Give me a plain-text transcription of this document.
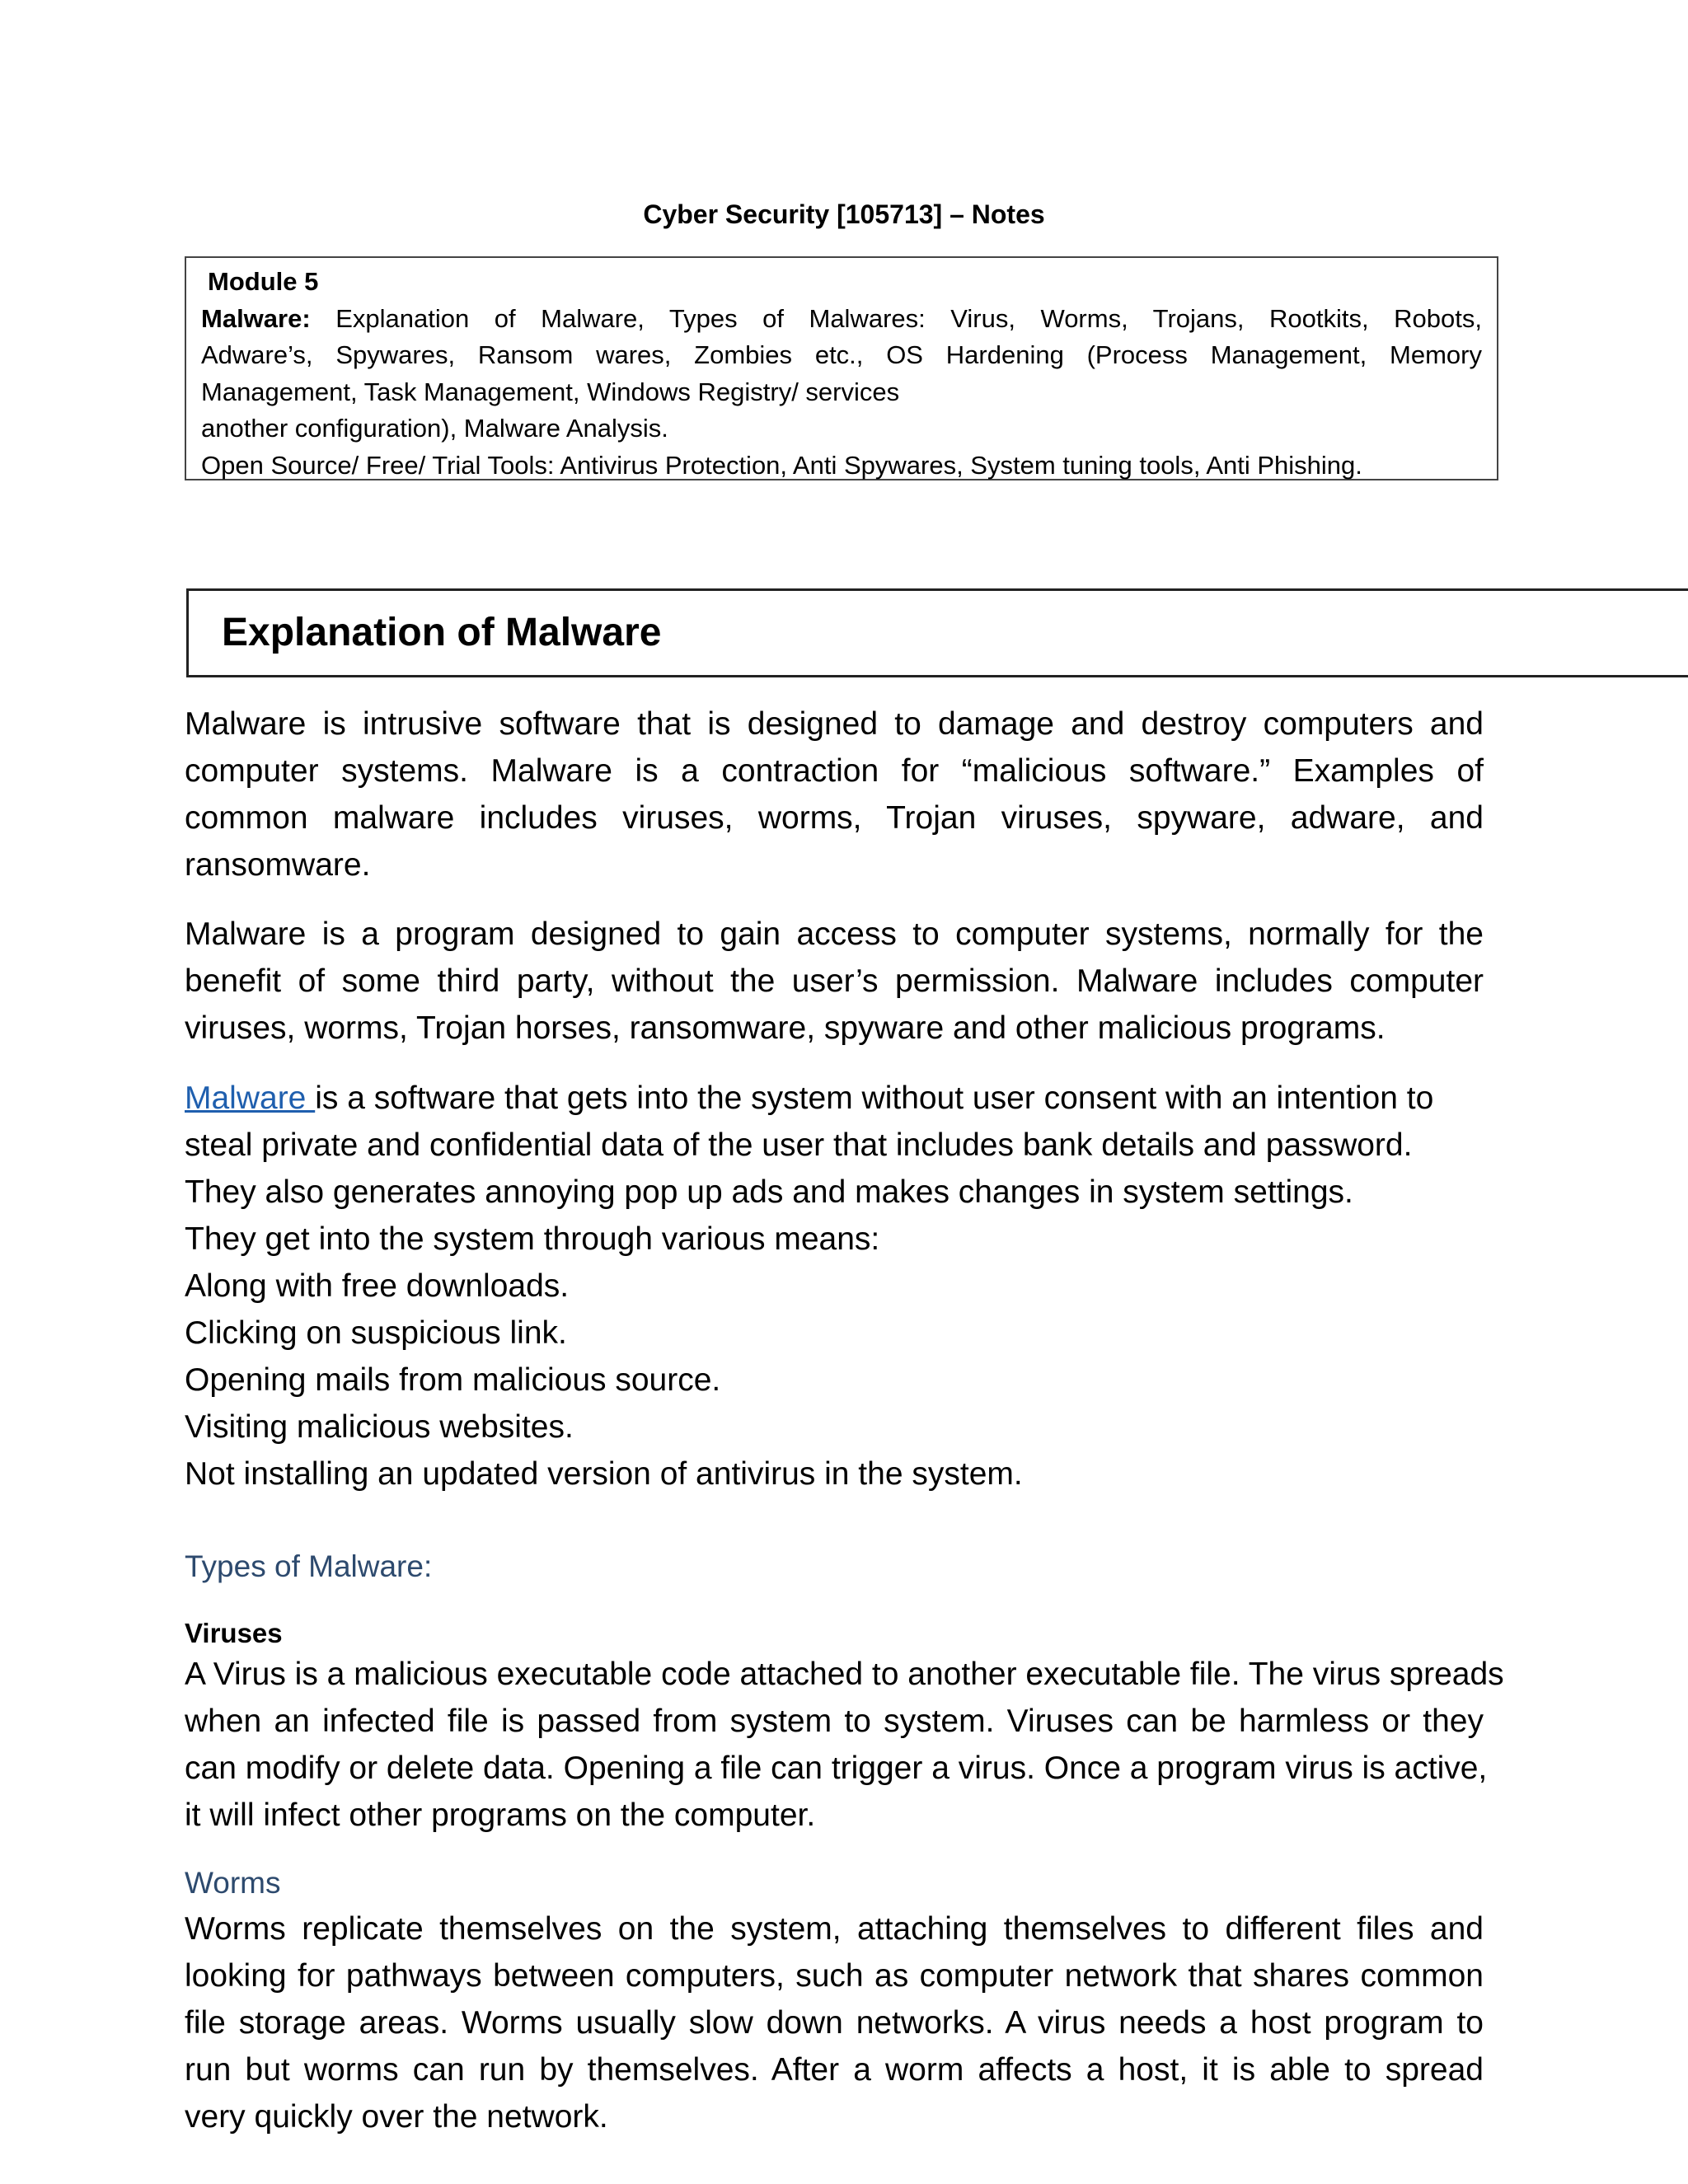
Cyber Security [105713] – Notes
Module 5
Malware: Explanation of Malware, Types of Malwares: Virus, Worms, Trojans, Rootkits, Robots,
Adware’s, Spywares, Ransom wares, Zombies etc., OS Hardening (Process Management, Memory
Management, Task Management, Windows Registry/ services
another configuration), Malware Analysis.
Open Source/ Free/ Trial Tools: Antivirus Protection, Anti Spywares, System tuning tools, Anti Phishing.
Explanation of Malware
Malware is intrusive software that is designed to damage and destroy computers and
computer systems. Malware is a contraction for “malicious software.” Examples of
common malware includes viruses, worms, Trojan viruses, spyware, adware, and
ransomware.
Malware is a program designed to gain access to computer systems, normally for the
benefit of some third party, without the user’s permission. Malware includes computer
viruses, worms, Trojan horses, ransomware, spyware and other malicious programs.
Malware is a software that gets into the system without user consent with an intention to
steal private and confidential data of the user that includes bank details and password.
They also generates annoying pop up ads and makes changes in system settings.
They get into the system through various means:
Along with free downloads.
Clicking on suspicious link.
Opening mails from malicious source.
Visiting malicious websites.
Not installing an updated version of antivirus in the system.
Types of Malware:
Viruses
A Virus is a malicious executable code attached to another executable file. The virus spreads
when an infected file is passed from system to system. Viruses can be harmless or they
can modify or delete data. Opening a file can trigger a virus. Once a program virus is active,
it will infect other programs on the computer.
Worms
Worms replicate themselves on the system, attaching themselves to different files and
looking for pathways between computers, such as computer network that shares common
file storage areas. Worms usually slow down networks. A virus needs a host program to
run but worms can run by themselves. After a worm affects a host, it is able to spread
very quickly over the network.
